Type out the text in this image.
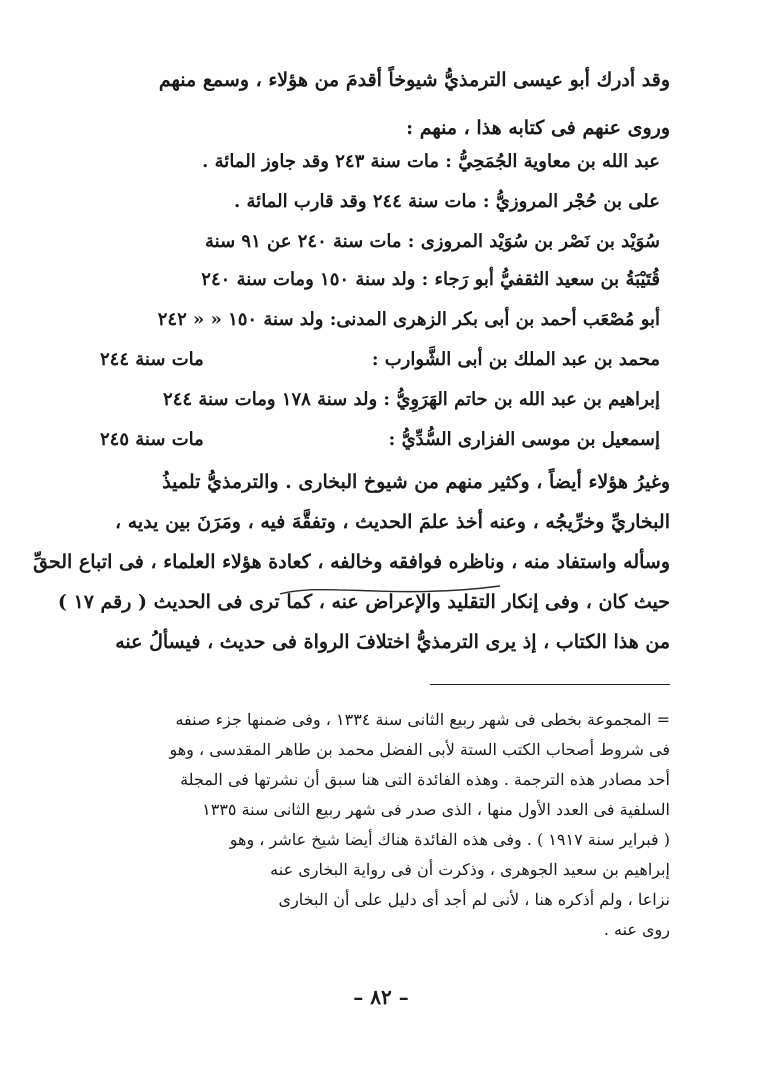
وقد أدرك أبو عيسى الترمذيُّ شيوخاً أقدمَ من هؤلاء ، وسمع منهم
وروى عنهم فى كتابه هذا ، منهم :
عبد الله بن معاوية الجُمَحِيُّ : مات سنة ٢٤٣ وقد جاوز المائة .
على بن حُجْر المروزيُّ : مات سنة ٢٤٤ وقد قارب المائة .
سُوَيْد بن نَصْر بن سُوَيْد المروزى : مات سنة ٢٤٠ عن ٩١ سنة
قُتَيْبَةُ بن سعيد الثقفيُّ أبو رَجاء : ولد سنة ١٥٠ ومات سنة ٢٤٠
أبو مُصْعَب أحمد بن أبى بكر الزهرى المدنى: ولد سنة ١٥٠ « « ٢٤٢
محمد بن عبد الملك بن أبى الشَّوارب :
مات سنة ٢٤٤
إبراهيم بن عبد الله بن حاتم الهَرَوِيُّ : ولد سنة ١٧٨ ومات سنة ٢٤٤
إسمعيل بن موسى الفزارى السُّدِّيُّ :
مات سنة ٢٤٥
وغيرُ هؤلاء أيضاً ، وكثير منهم من شيوخ البخارى . والترمذيُّ تلميذُ
البخاريِّ وخرِّيجُه ، وعنه أخذ علمَ الحديث ، وتفقَّهَ فيه ، ومَرَنَ بين يديه ،
وسأله واستفاد منه ، وناظره فوافقه وخالفه ، كعادة هؤلاء العلماء ، فى اتباع الحقِّ
حيث كان ، وفى إنكار التقليد والإعراض عنه ، كما ترى فى الحديث ( رقم ١٧ )
من هذا الكتاب ، إذ يرى الترمذيُّ اختلافَ الرواة فى حديث ، فيسألُ عنه
= المجموعة بخطى فى شهر ربيع الثانى سنة ١٣٣٤ ، وفى ضمنها جزء صنفه
فى شروط أصحاب الكتب الستة لأبى الفضل محمد بن طاهر المقدسى ، وهو
أحد مصادر هذه الترجمة . وهذه الفائدة التى هنا سبق أن نشرتها فى المجلة
السلفية فى العدد الأول منها ، الذى صدر فى شهر ربيع الثانى سنة ١٣٣٥
( فبراير سنة ١٩١٧ ) . وفى هذه الفائدة هناك أيضا شيخ عاشر ، وهو
إبراهيم بن سعيد الجوهرى ، وذكرت أن فى رواية البخارى عنه
نزاعا ، ولم أذكره هنا ، لأنى لم أجد أى دليل على أن البخارى
روى عنه .
– ٨٢ –
